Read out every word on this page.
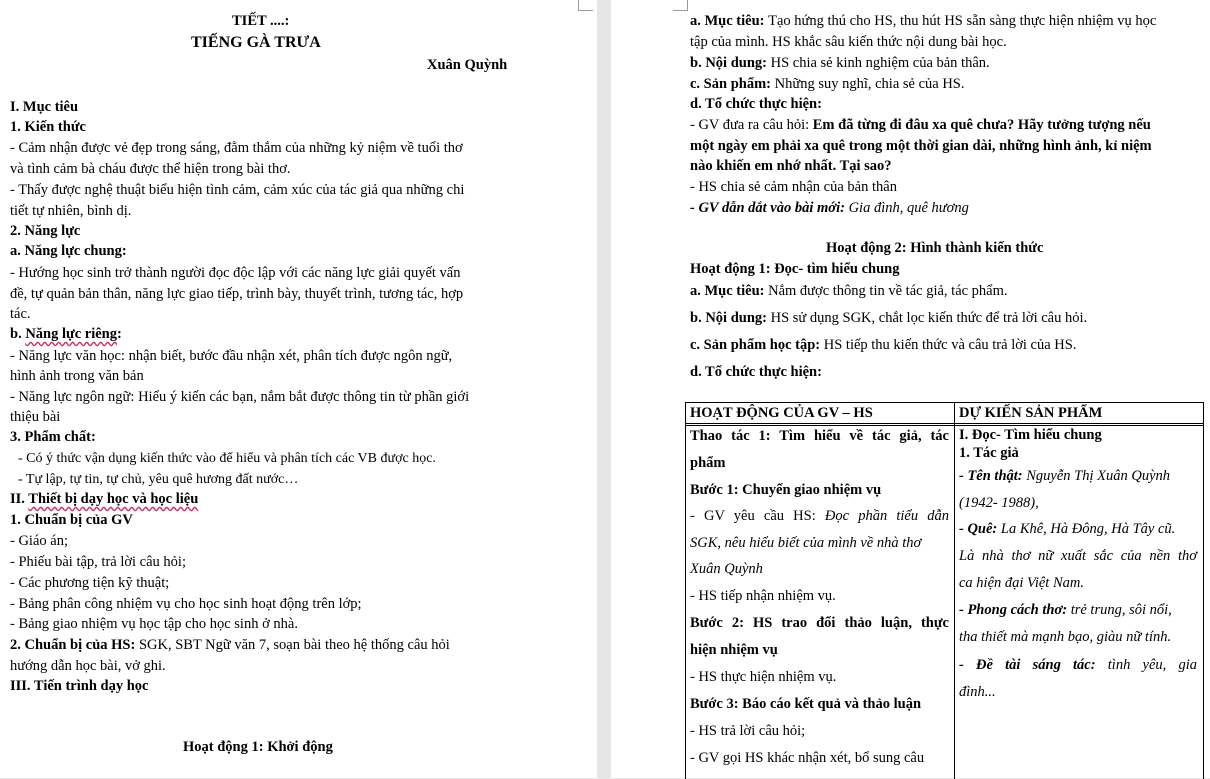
TIẾT ....:
TIẾNG GÀ TRƯA
Xuân Quỳnh
I. Mục tiêu
1. Kiến thức
- Cảm nhận được vẻ đẹp trong sáng, đằm thắm của những kỷ niệm về tuổi thơ
và tình cảm bà cháu được thể hiện trong bài thơ.
- Thấy được nghệ thuật biểu hiện tình cảm, cảm xúc của tác giả qua những chi
tiết tự nhiên, bình dị.
2. Năng lực
a. Năng lực chung:
- Hướng học sinh trở thành người đọc độc lập với các năng lực giải quyết vấn
đề, tự quản bản thân, năng lực giao tiếp, trình bày, thuyết trình, tương tác, hợp
tác.
b. Năng lực riêng:
- Năng lực văn học: nhận biết, bước đầu nhận xét, phân tích được ngôn ngữ,
hình ảnh trong văn bản
- Năng lực ngôn ngữ: Hiểu ý kiến các bạn, nắm bắt được thông tin từ phần giới
thiệu bài
3. Phẩm chất:
- Có ý thức vận dụng kiến thức vào để hiểu và phân tích các VB được học.
- Tự lập, tự tin, tự chủ, yêu quê hương đất nước…
II. Thiết bị dạy học và học liệu
1. Chuẩn bị của GV
- Giáo án;
- Phiếu bài tập, trả lời câu hỏi;
- Các phương tiện kỹ thuật;
- Bảng phân công nhiệm vụ cho học sinh hoạt động trên lớp;
- Bảng giao nhiệm vụ học tập cho học sinh ở nhà.
2. Chuẩn bị của HS: SGK, SBT Ngữ văn 7, soạn bài theo hệ thống câu hỏi
hướng dẫn học bài, vở ghi.
III. Tiến trình dạy học
Hoạt động 1: Khởi động
a. Mục tiêu: Tạo hứng thú cho HS, thu hút HS sẵn sàng thực hiện nhiệm vụ học
tập của mình. HS khắc sâu kiến thức nội dung bài học.
b. Nội dung: HS chia sẻ kinh nghiệm của bản thân.
c. Sản phẩm: Những suy nghĩ, chia sẻ của HS.
d. Tổ chức thực hiện:
- GV đưa ra câu hỏi: Em đã từng đi đâu xa quê chưa? Hãy tưởng tượng nếu
một ngày em phải xa quê trong một thời gian dài, những hình ảnh, kỉ niệm
nào khiến em nhớ nhất. Tại sao?
- HS chia sẻ cảm nhận của bản thân
- GV dẫn dắt vào bài mới: Gia đình, quê hương
Hoạt động 2: Hình thành kiến thức
Hoạt động 1: Đọc- tìm hiểu chung
a. Mục tiêu: Nắm được thông tin về tác giả, tác phẩm.
b. Nội dung: HS sử dụng SGK, chắt lọc kiến thức để trả lời câu hỏi.
c. Sản phẩm học tập: HS tiếp thu kiến thức và câu trả lời của HS.
d. Tổ chức thực hiện:
HOẠT ĐỘNG CỦA GV – HS	DỰ KIẾN SẢN PHẨM
Thao tác 1: Tìm hiểu về tác giả, tác
phẩm
Bước 1: Chuyển giao nhiệm vụ
- GV yêu cầu HS: Đọc phần tiểu dẫn
SGK, nêu hiểu biết của mình về nhà thơ
Xuân Quỳnh
- HS tiếp nhận nhiệm vụ.
Bước 2: HS trao đổi thảo luận, thực
hiện nhiệm vụ
- HS thực hiện nhiệm vụ.
Bước 3: Báo cáo kết quả và thảo luận
- HS trả lời câu hỏi;
- GV gọi HS khác nhận xét, bổ sung câu
I. Đọc- Tìm hiểu chung
1. Tác giả
- Tên thật: Nguyễn Thị Xuân Quỳnh
(1942- 1988),
- Quê: La Khê, Hà Đông, Hà Tây cũ.
Là nhà thơ nữ xuất sắc của nền thơ
ca hiện đại Việt Nam.
- Phong cách thơ: trẻ trung, sôi nổi,
tha thiết mà mạnh bạo, giàu nữ tính.
- Đề tài sáng tác: tình yêu, gia
đình...
